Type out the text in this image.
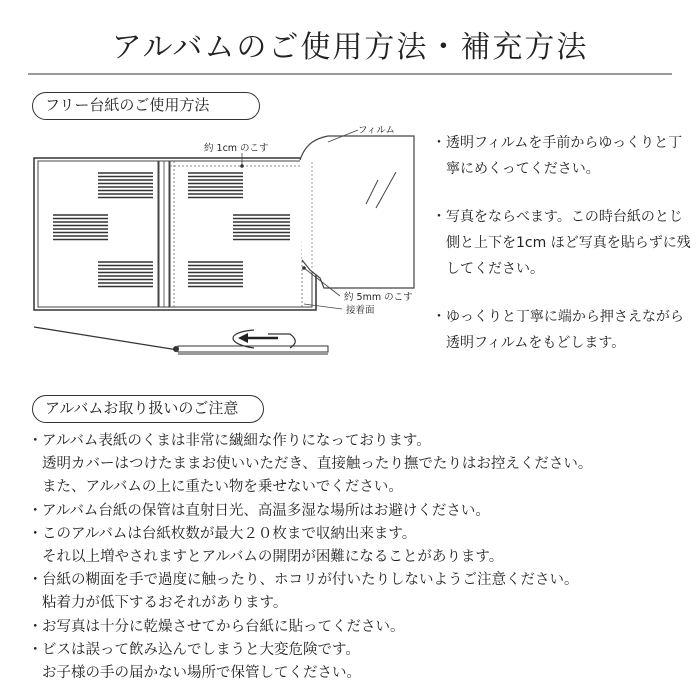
アルバムのご使用方法・補充方法
フリー台紙のご使用方法
フィルム
約 1cm のこす
約 5mm のこす
接着面
・ 透明フィルムを手前からゆっくりと丁寧にめくってください。
・ 写真をならべます。この時台紙のとじ側と上下を1cm ほど写真を貼らずに残してください。
・ ゆっくりと丁寧に端から押さえながら透明フィルムをもどします。
アルバムお取り扱いのご注意
・ アルバム表紙のくまは非常に繊細な作りになっております。
透明カバーはつけたままお使いいただき、直接触ったり撫でたりはお控えください。
また、アルバムの上に重たい物を乗せないでください。
・ アルバム台紙の保管は直射日光、高温多湿な場所はお避けください。
・ このアルバムは台紙枚数が最大２０枚まで収納出来ます。
それ以上増やされますとアルバムの開閉が困難になることがあります。
・ 台紙の糊面を手で過度に触ったり、ホコリが付いたりしないようご注意ください。
粘着力が低下するおそれがあります。
・ お写真は十分に乾燥させてから台紙に貼ってください。
・ ビスは誤って飲み込んでしまうと大変危険です。
お子様の手の届かない場所で保管してください。
